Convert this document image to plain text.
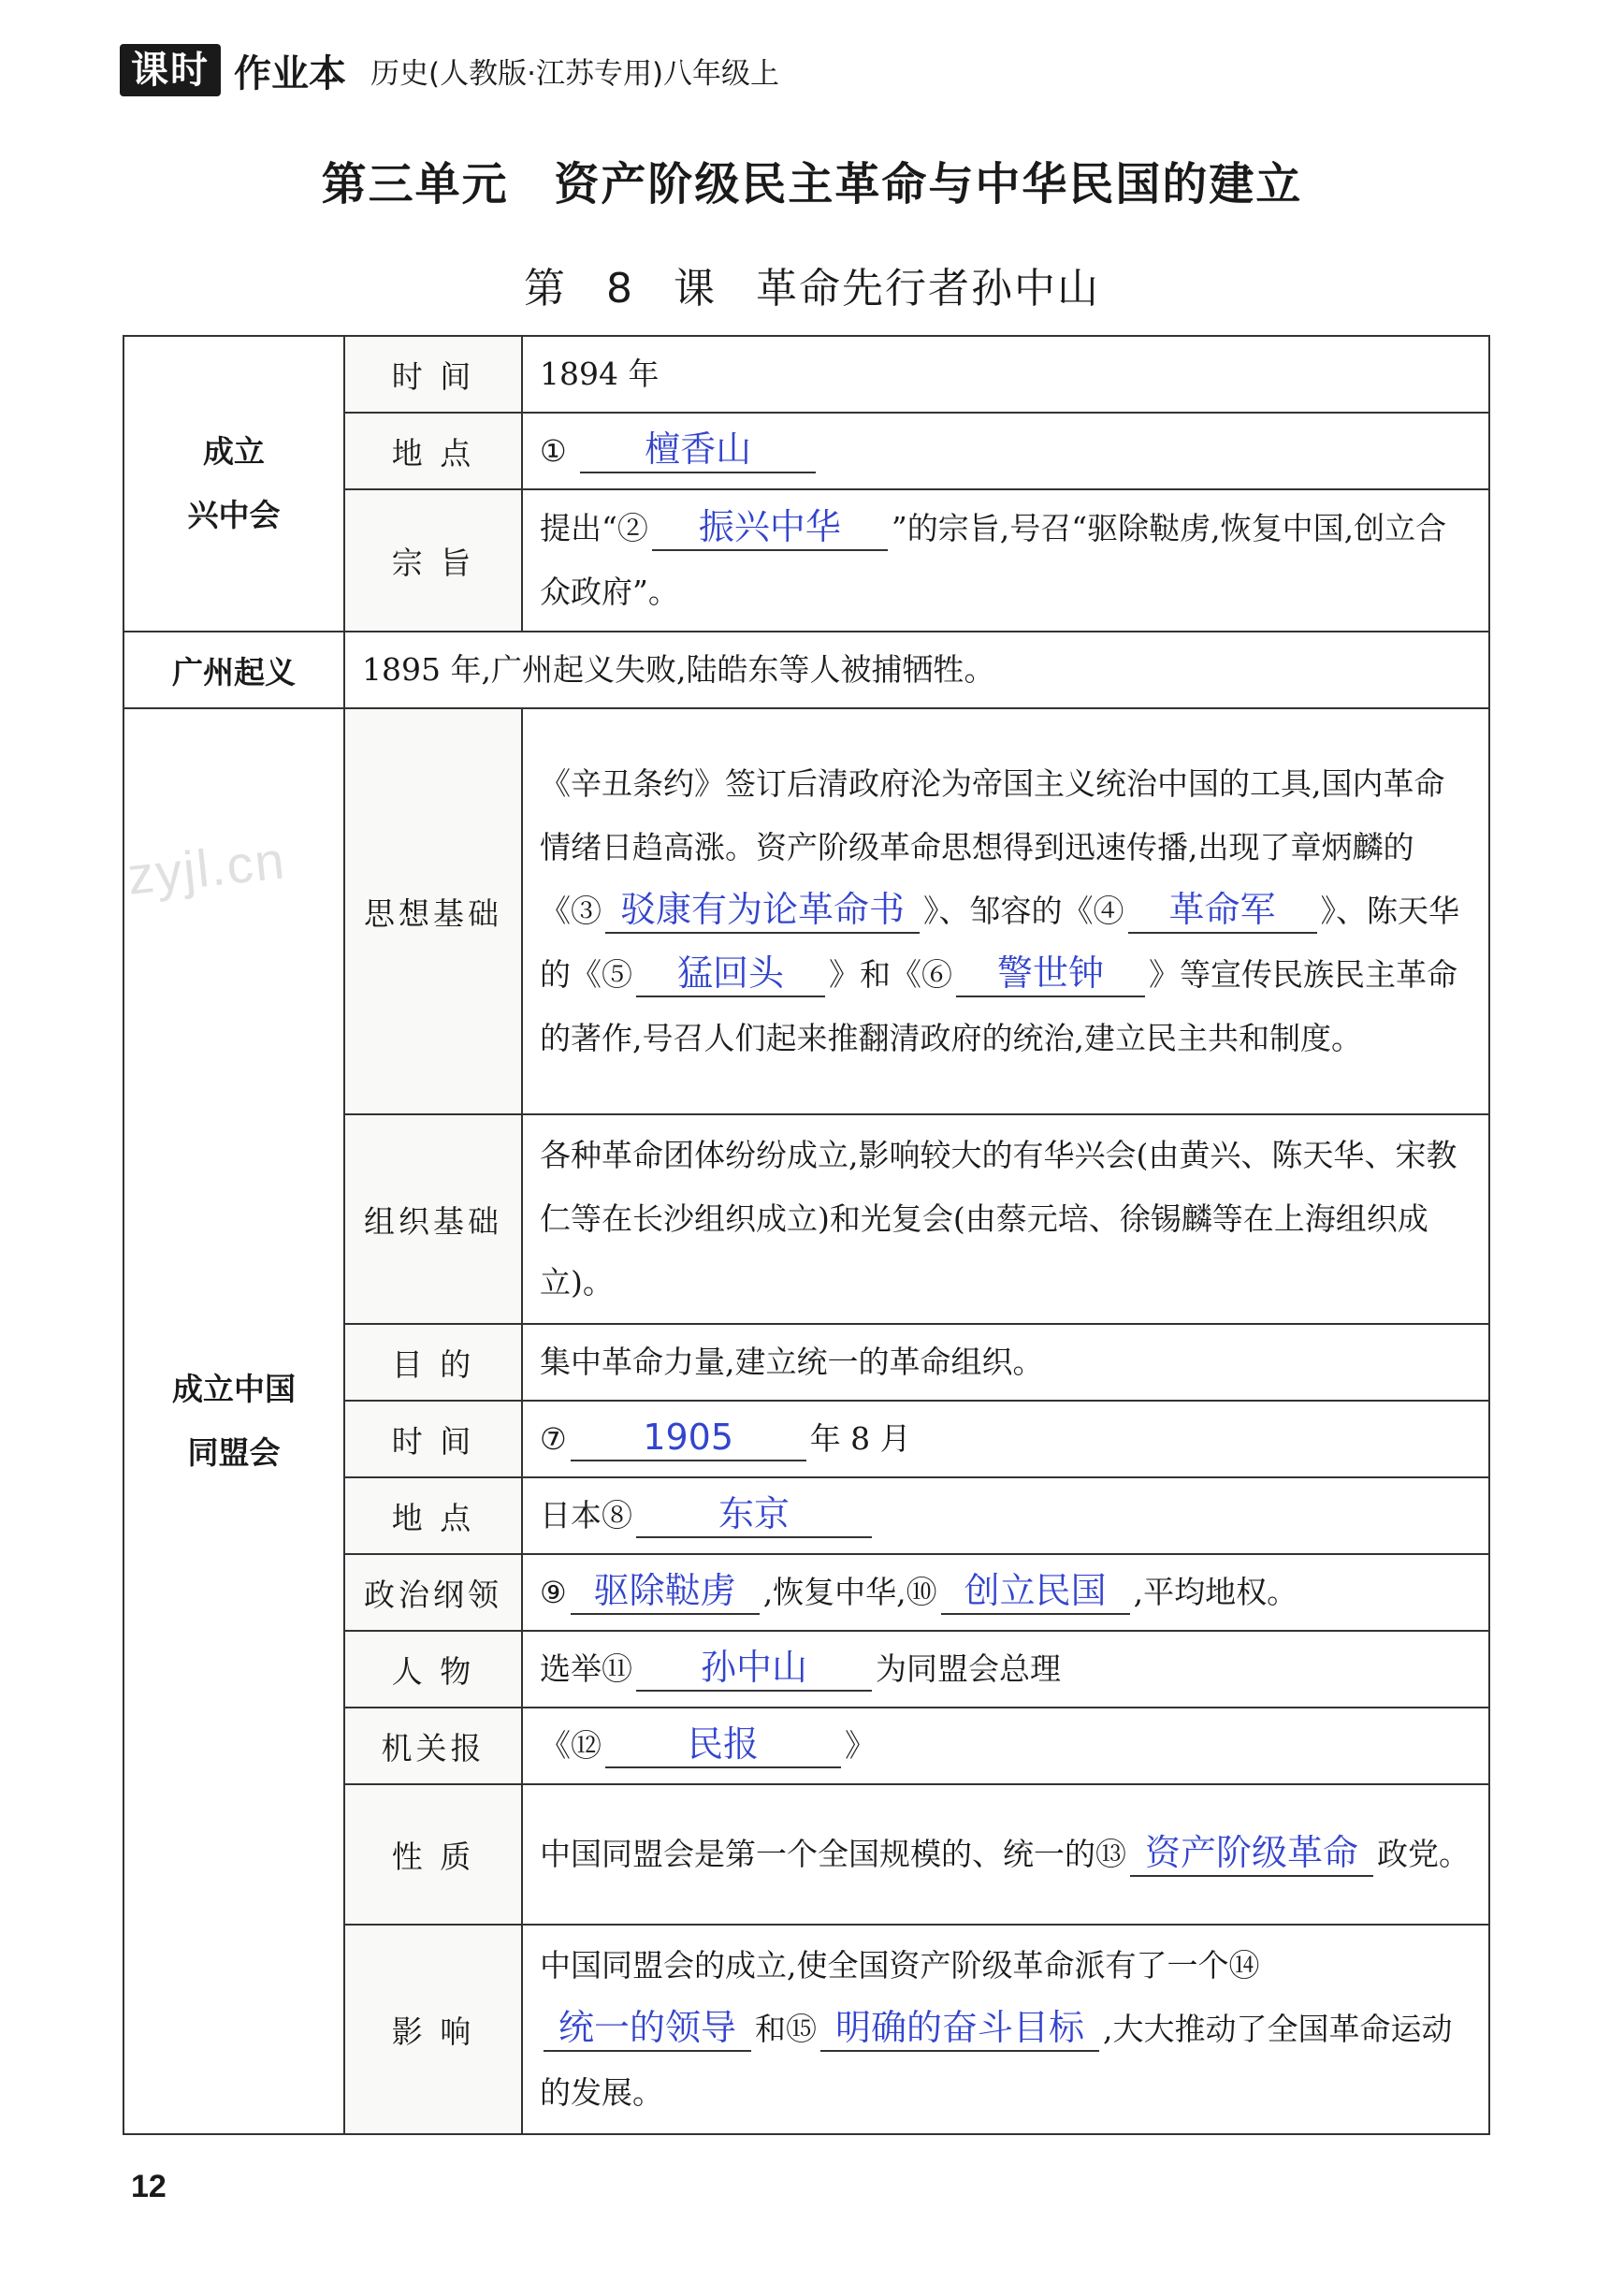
课时 作业本 历史(人教版·江苏专用)八年级上
第三单元 资产阶级民主革命与中华民国的建立
第 8 课 革命先行者孙中山
zyjl.cn
成立
兴中会	时 间	1894 年
	地 点	① 檀香山
	宗 旨	提出“② 振兴中华 ”的宗旨,号召“驱除鞑虏,恢复中国,创立合众政府”。
广州起义	1895 年,广州起义失败,陆皓东等人被捕牺牲。	

成立中国
同盟会	思想基础	《辛丑条约》签订后清政府沦为帝国主义统治中国的工具,国内革命情绪日趋高涨。资产阶级革命思想得到迅速传播,出现了章炳麟的《③ 驳康有为论革命书 》、邹容的《④ 革命军 》、陈天华的《⑤ 猛回头 》和《⑥ 警世钟 》等宣传民族民主革命的著作,号召人们起来推翻清政府的统治,建立民主共和制度。
	组织基础	各种革命团体纷纷成立,影响较大的有华兴会(由黄兴、陈天华、宋教仁等在长沙组织成立)和光复会(由蔡元培、徐锡麟等在上海组织成立)。
	目 的	集中革命力量,建立统一的革命组织。
	时 间	⑦ 1905 年 8 月
	地 点	日本⑧ 东京
	政治纲领	⑨ 驱除鞑虏 ,恢复中华,⑩ 创立民国 ,平均地权。
	人 物	选举⑪ 孙中山 为同盟会总理
	机关报	《⑫ 民报 》
	性 质	中国同盟会是第一个全国规模的、统一的⑬ 资产阶级革命 政党。
	影 响	中国同盟会的成立,使全国资产阶级革命派有了一个⑭统一的领导 和⑮ 明确的奋斗目标 ,大大推动了全国革命运动的发展。
12
